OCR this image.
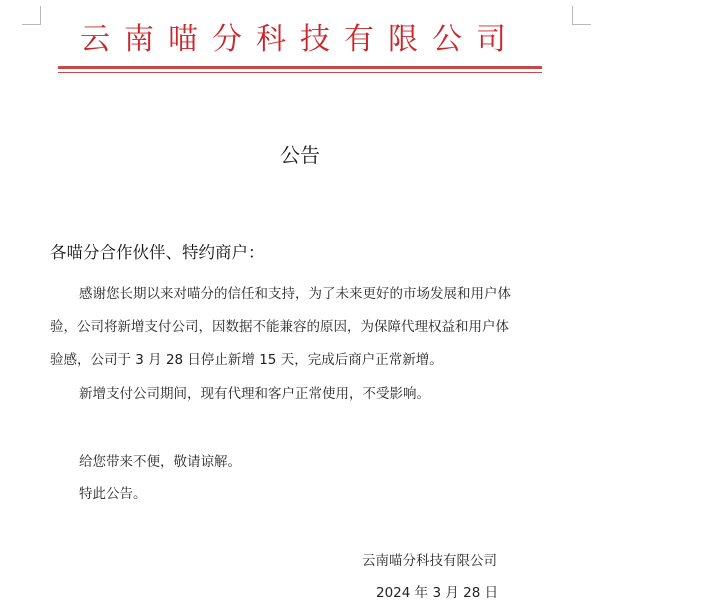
云南喵分科技有限公司
公告
各喵分合作伙伴、特约商户：
感谢您长期以来对喵分的信任和支持，为了未来更好的市场发展和用户体
验，公司将新增支付公司，因数据不能兼容的原因，为保障代理权益和用户体
验感，公司于 3 月 28 日停止新增 15 天，完成后商户正常新增。
新增支付公司期间，现有代理和客户正常使用，不受影响。
给您带来不便，敬请谅解。
特此公告。
云南喵分科技有限公司
2024 年 3 月 28 日
